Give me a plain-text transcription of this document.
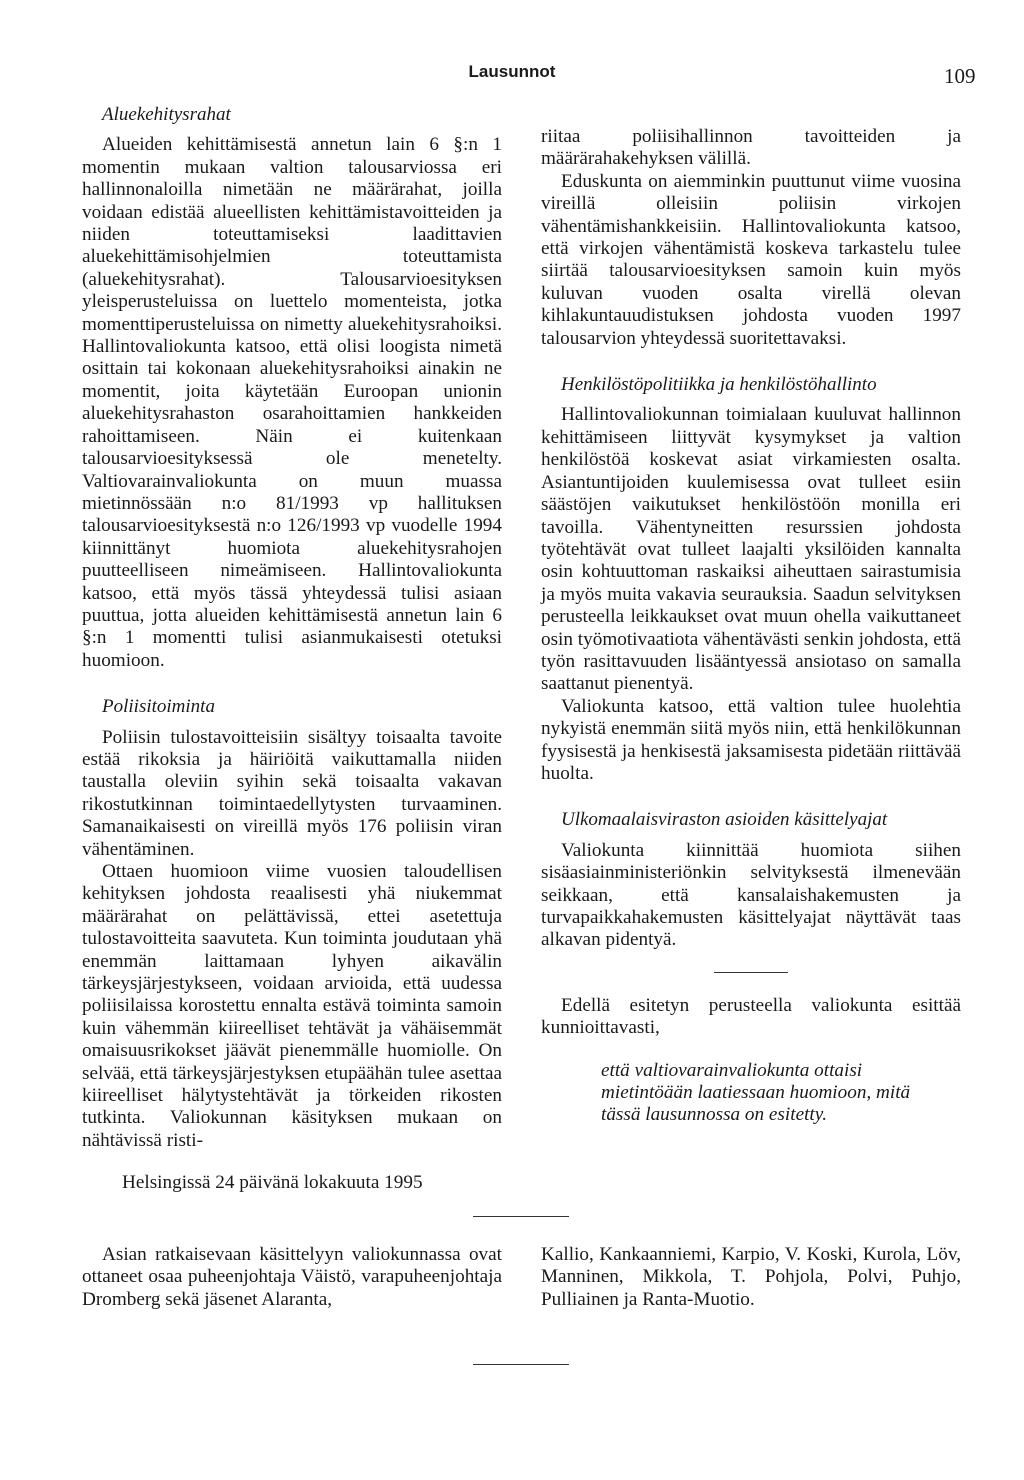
Lausunnot	109
Aluekehitysrahat

Alueiden kehittämisestä annetun lain 6 §:n 1 momentin mukaan valtion talousarviossa eri hallinnonaloilla nimetään ne määrärahat, joilla voidaan edistää alueellisten kehittämistavoitteiden ja niiden toteuttamiseksi laadittavien aluekehittämisohjelmien toteuttamista (aluekehitysrahat). Talousarvioesityksen yleisperusteluissa on luettelo momenteista, jotka momenttiperusteluissa on nimetty aluekehitysrahoiksi. Hallintovaliokunta katsoo, että olisi loogista nimetä osittain tai kokonaan aluekehitysrahoiksi ainakin ne momentit, joita käytetään Euroopan unionin aluekehitysrahaston osarahoittamien hankkeiden rahoittamiseen. Näin ei kuitenkaan talousarvioesityksessä ole menetelty. Valtiovarainvaliokunta on muun muassa mietinnössään n:o 81/1993 vp hallituksen talousarvioesityksestä n:o 126/1993 vp vuodelle 1994 kiinnittänyt huomiota aluekehitysrahojen puutteelliseen nimeämiseen. Hallintovaliokunta katsoo, että myös tässä yhteydessä tulisi asiaan puuttua, jotta alueiden kehittämisestä annetun lain 6 §:n 1 momentti tulisi asianmukaisesti otetuksi huomioon.

Poliisitoiminta

Poliisin tulostavoitteisiin sisältyy toisaalta tavoite estää rikoksia ja häiriöitä vaikuttamalla niiden taustalla oleviin syihin sekä toisaalta vakavan rikostutkinnan toimintaedellytysten turvaaminen. Samanaikaisesti on vireillä myös 176 poliisin viran vähentäminen.

Ottaen huomioon viime vuosien taloudellisen kehityksen johdosta reaalisesti yhä niukemmat määrärahat on pelättävissä, ettei asetettuja tulostavoitteita saavuteta. Kun toiminta joudutaan yhä enemmän laittamaan lyhyen aikavälin tärkeysjärjestykseen, voidaan arvioida, että uudessa poliisilaissa korostettu ennalta estävä toiminta samoin kuin vähemmän kiireelliset tehtävät ja vähäisemmät omaisuusrikokset jäävät pienemmälle huomiolle. On selvää, että tärkeysjärjestyksen etupäähän tulee asettaa kiireelliset hälytystehtävät ja törkeiden rikosten tutkinta. Valiokunnan käsityksen mukaan on nähtävissä risti-

riitaa poliisihallinnon tavoitteiden ja määrärahakehyksen välillä.

Eduskunta on aiemminkin puuttunut viime vuosina vireillä olleisiin poliisin virkojen vähentämishankkeisiin. Hallintovaliokunta katsoo, että virkojen vähentämistä koskeva tarkastelu tulee siirtää talousarvioesityksen samoin kuin myös kuluvan vuoden osalta virellä olevan kihlakuntauudistuksen johdosta vuoden 1997 talousarvion yhteydessä suoritettavaksi.

Henkilöstöpolitiikka ja henkilöstöhallinto

Hallintovaliokunnan toimialaan kuuluvat hallinnon kehittämiseen liittyvät kysymykset ja valtion henkilöstöä koskevat asiat virkamiesten osalta. Asiantuntijoiden kuulemisessa ovat tulleet esiin säästöjen vaikutukset henkilöstöön monilla eri tavoilla. Vähentyneitten resurssien johdosta työtehtävät ovat tulleet laajalti yksilöiden kannalta osin kohtuuttoman raskaiksi aiheuttaen sairastumisia ja myös muita vakavia seurauksia. Saadun selvityksen perusteella leikkaukset ovat muun ohella vaikuttaneet osin työmotivaatiota vähentävästi senkin johdosta, että työn rasittavuuden lisääntyessä ansiotaso on samalla saattanut pienentyä.

Valiokunta katsoo, että valtion tulee huolehtia nykyistä enemmän siitä myös niin, että henkilökunnan fyysisestä ja henkisestä jaksamisesta pidetään riittävää huolta.

Ulkomaalaisviraston asioiden käsittelyajat

Valiokunta kiinnittää huomiota siihen sisäasiainministeriönkin selvityksestä ilmenevään seikkaan, että kansalaishakemusten ja turvapaikkahakemusten käsittelyajat näyttävät taas alkavan pidentyä.

Edellä esitetyn perusteella valiokunta esittää kunnioittavasti,

että valtiovarainvaliokunta ottaisi mietintöään laatiessaan huomioon, mitä tässä lausunnossa on esitetty.

Helsingissä 24 päivänä lokakuuta 1995
Asian ratkaisevaan käsittelyyn valiokunnassa ovat ottaneet osaa puheenjohtaja Väistö, varapuheenjohtaja Dromberg sekä jäsenet Alaranta,
Kallio, Kankaanniemi, Karpio, V. Koski, Kurola, Löv, Manninen, Mikkola, T. Pohjola, Polvi, Puhjo, Pulliainen ja Ranta-Muotio.
